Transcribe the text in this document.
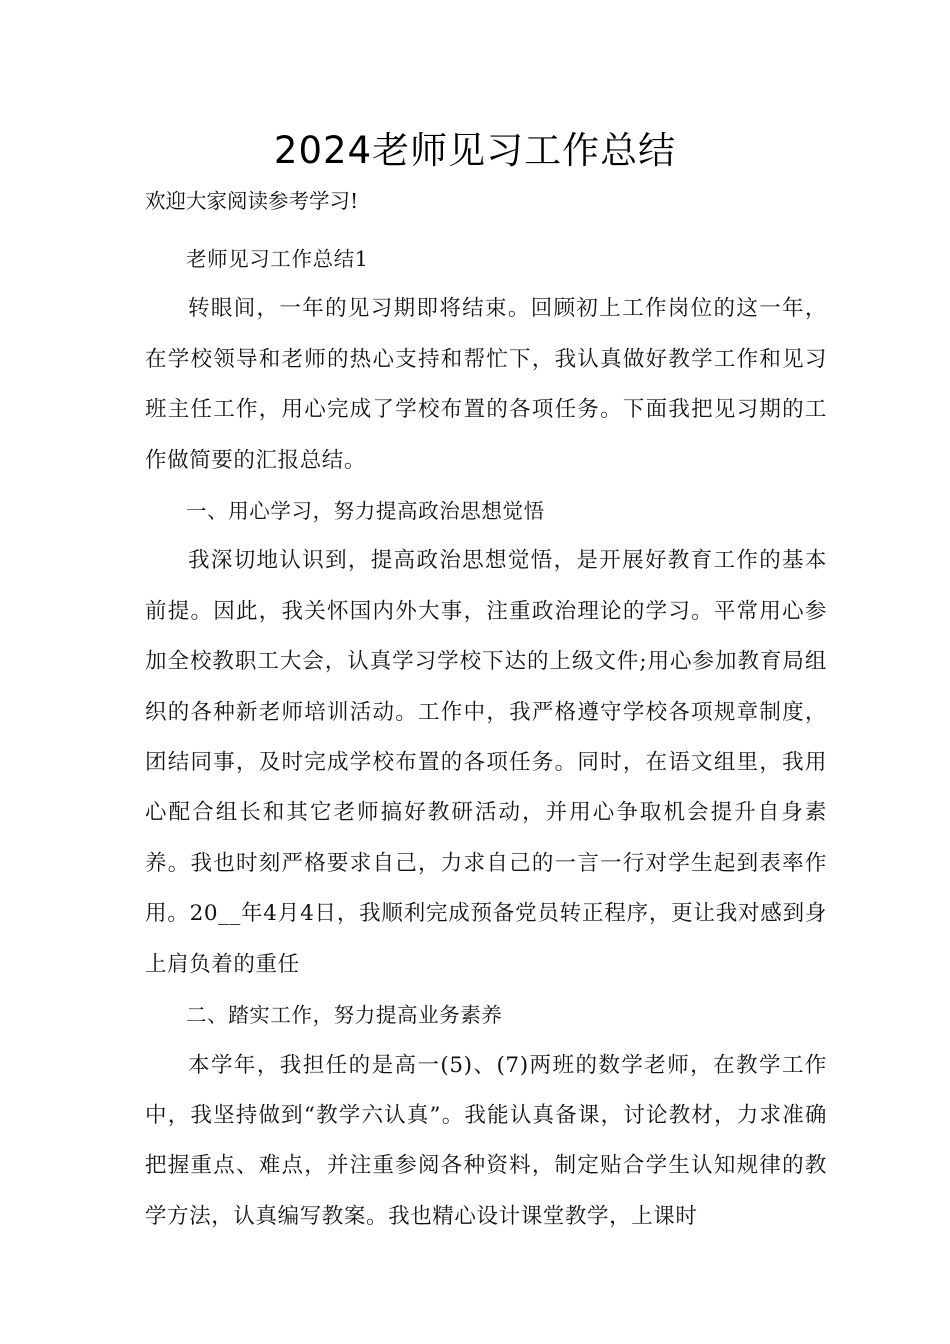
2024老师见习工作总结

欢迎大家阅读参考学习!

老师见习工作总结1

转眼间，一年的见习期即将结束。回顾初上工作岗位的这一年，在学校领导和老师的热心支持和帮忙下，我认真做好教学工作和见习班主任工作，用心完成了学校布置的各项任务。下面我把见习期的工作做简要的汇报总结。

一、用心学习，努力提高政治思想觉悟

我深切地认识到，提高政治思想觉悟，是开展好教育工作的基本前提。因此，我关怀国内外大事，注重政治理论的学习。平常用心参加全校教职工大会，认真学习学校下达的上级文件;用心参加教育局组织的各种新老师培训活动。工作中，我严格遵守学校各项规章制度，团结同事，及时完成学校布置的各项任务。同时，在语文组里，我用心配合组长和其它老师搞好教研活动，并用心争取机会提升自身素养。我也时刻严格要求自己，力求自己的一言一行对学生起到表率作用。20__年4月4日，我顺利完成预备党员转正程序，更让我对感到身上肩负着的重任

二、踏实工作，努力提高业务素养

本学年，我担任的是高一(5)、(7)两班的数学老师，在教学工作中，我坚持做到“教学六认真”。我能认真备课，讨论教材，力求准确把握重点、难点，并注重参阅各种资料，制定贴合学生认知规律的教学方法，认真编写教案。我也精心设计课堂教学，上课时
